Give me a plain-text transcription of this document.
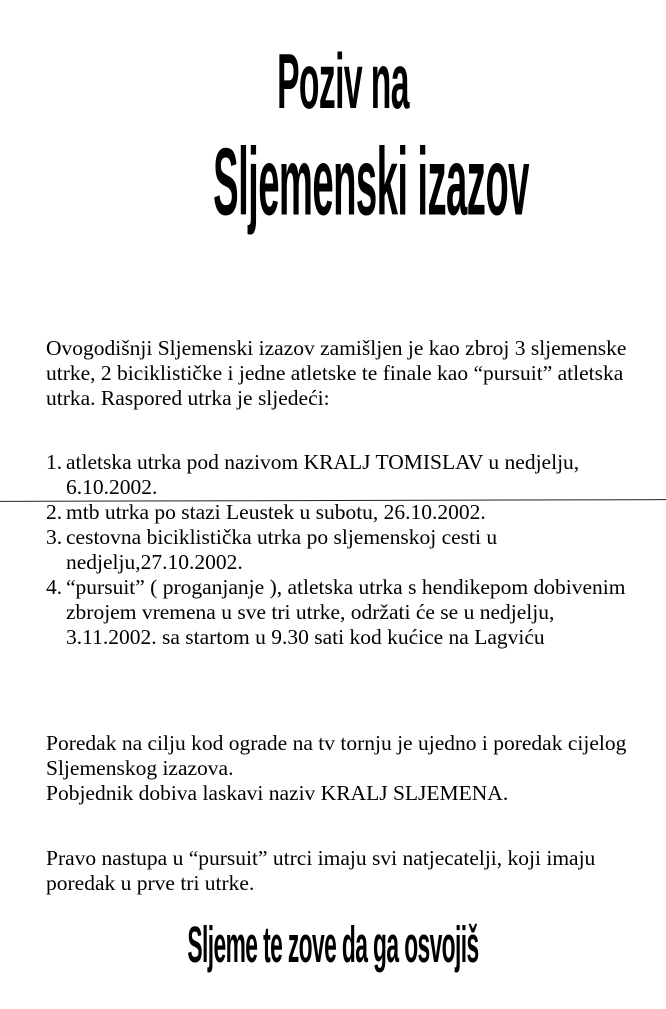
Poziv na
Sljemenski izazov
Ovogodišnji Sljemenski izazov zamišljen je kao zbroj 3 sljemenske utrke, 2 biciklističke i jedne atletske te finale kao “pursuit” atletska utrka. Raspored utrka je sljedeći:
1. atletska utrka pod nazivom KRALJ TOMISLAV u nedjelju, 6.10.2002.
2. mtb utrka po stazi Leustek u subotu, 26.10.2002.
3. cestovna biciklistička utrka po sljemenskoj cesti u nedjelju,27.10.2002.
4. “pursuit” ( proganjanje ), atletska utrka s hendikepom dobivenim zbrojem vremena u sve tri utrke, održati će se u nedjelju, 3.11.2002. sa startom u 9.30 sati kod kućice na Lagviću
Poredak na cilju kod ograde na tv tornju je ujedno i poredak cijelog Sljemenskog izazova.
Pobjednik dobiva laskavi naziv KRALJ SLJEMENA.
Pravo nastupa u “pursuit” utrci imaju svi natjecatelji, koji imaju poredak u prve tri utrke.
Sljeme te zove da ga osvojiš
